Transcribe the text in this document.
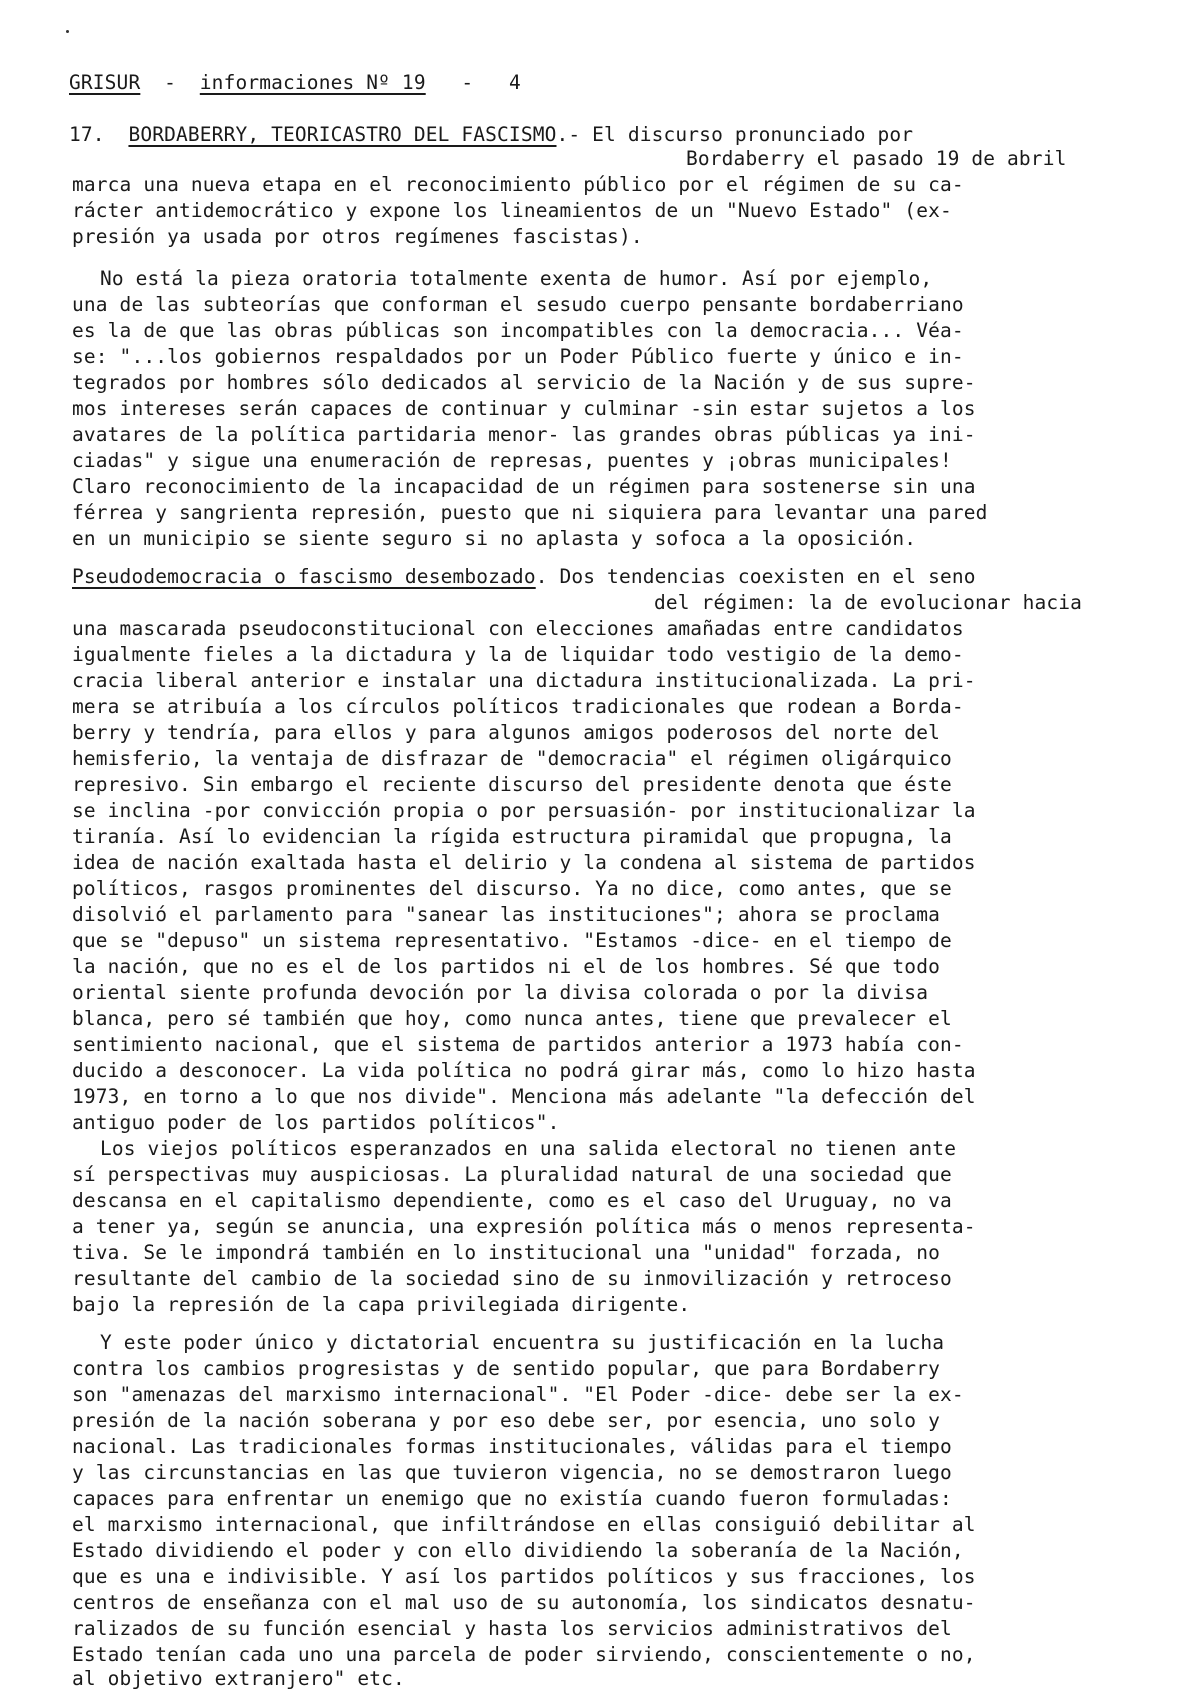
GRISUR - informaciones Nº 19 - 4
17. BORDABERRY, TEORICASTRO DEL FASCISMO.- El discurso pronunciado por
Bordaberry el pasado 19 de abril
marca una nueva etapa en el reconocimiento público por el régimen de su ca-
rácter antidemocrático y expone los lineamientos de un "Nuevo Estado" (ex-
presión ya usada por otros regímenes fascistas).
No está la pieza oratoria totalmente exenta de humor. Así por ejemplo,
una de las subteorías que conforman el sesudo cuerpo pensante bordaberriano
es la de que las obras públicas son incompatibles con la democracia... Véa-
se: "...los gobiernos respaldados por un Poder Público fuerte y único e in-
tegrados por hombres sólo dedicados al servicio de la Nación y de sus supre-
mos intereses serán capaces de continuar y culminar -sin estar sujetos a los
avatares de la política partidaria menor- las grandes obras públicas ya ini-
ciadas" y sigue una enumeración de represas, puentes y ¡obras municipales!
Claro reconocimiento de la incapacidad de un régimen para sostenerse sin una
férrea y sangrienta represión, puesto que ni siquiera para levantar una pared
en un municipio se siente seguro si no aplasta y sofoca a la oposición.
Pseudodemocracia o fascismo desembozado. Dos tendencias coexisten en el seno
del régimen: la de evolucionar hacia
una mascarada pseudoconstitucional con elecciones amañadas entre candidatos
igualmente fieles a la dictadura y la de liquidar todo vestigio de la demo-
cracia liberal anterior e instalar una dictadura institucionalizada. La pri-
mera se atribuía a los círculos políticos tradicionales que rodean a Borda-
berry y tendría, para ellos y para algunos amigos poderosos del norte del
hemisferio, la ventaja de disfrazar de "democracia" el régimen oligárquico
represivo. Sin embargo el reciente discurso del presidente denota que éste
se inclina -por convicción propia o por persuasión- por institucionalizar la
tiranía. Así lo evidencian la rígida estructura piramidal que propugna, la
idea de nación exaltada hasta el delirio y la condena al sistema de partidos
políticos, rasgos prominentes del discurso. Ya no dice, como antes, que se
disolvió el parlamento para "sanear las instituciones"; ahora se proclama
que se "depuso" un sistema representativo. "Estamos -dice- en el tiempo de
la nación, que no es el de los partidos ni el de los hombres. Sé que todo
oriental siente profunda devoción por la divisa colorada o por la divisa
blanca, pero sé también que hoy, como nunca antes, tiene que prevalecer el
sentimiento nacional, que el sistema de partidos anterior a 1973 había con-
ducido a desconocer. La vida política no podrá girar más, como lo hizo hasta
1973, en torno a lo que nos divide". Menciona más adelante "la defección del
antiguo poder de los partidos políticos".
Los viejos políticos esperanzados en una salida electoral no tienen ante
sí perspectivas muy auspiciosas. La pluralidad natural de una sociedad que
descansa en el capitalismo dependiente, como es el caso del Uruguay, no va
a tener ya, según se anuncia, una expresión política más o menos representa-
tiva. Se le impondrá también en lo institucional una "unidad" forzada, no
resultante del cambio de la sociedad sino de su inmovilización y retroceso
bajo la represión de la capa privilegiada dirigente.
Y este poder único y dictatorial encuentra su justificación en la lucha
contra los cambios progresistas y de sentido popular, que para Bordaberry
son "amenazas del marxismo internacional". "El Poder -dice- debe ser la ex-
presión de la nación soberana y por eso debe ser, por esencia, uno solo y
nacional. Las tradicionales formas institucionales, válidas para el tiempo
y las circunstancias en las que tuvieron vigencia, no se demostraron luego
capaces para enfrentar un enemigo que no existía cuando fueron formuladas:
el marxismo internacional, que infiltrándose en ellas consiguió debilitar al
Estado dividiendo el poder y con ello dividiendo la soberanía de la Nación,
que es una e indivisible. Y así los partidos políticos y sus fracciones, los
centros de enseñanza con el mal uso de su autonomía, los sindicatos desnatu-
ralizados de su función esencial y hasta los servicios administrativos del
Estado tenían cada uno una parcela de poder sirviendo, conscientemente o no,
al objetivo extranjero" etc.
